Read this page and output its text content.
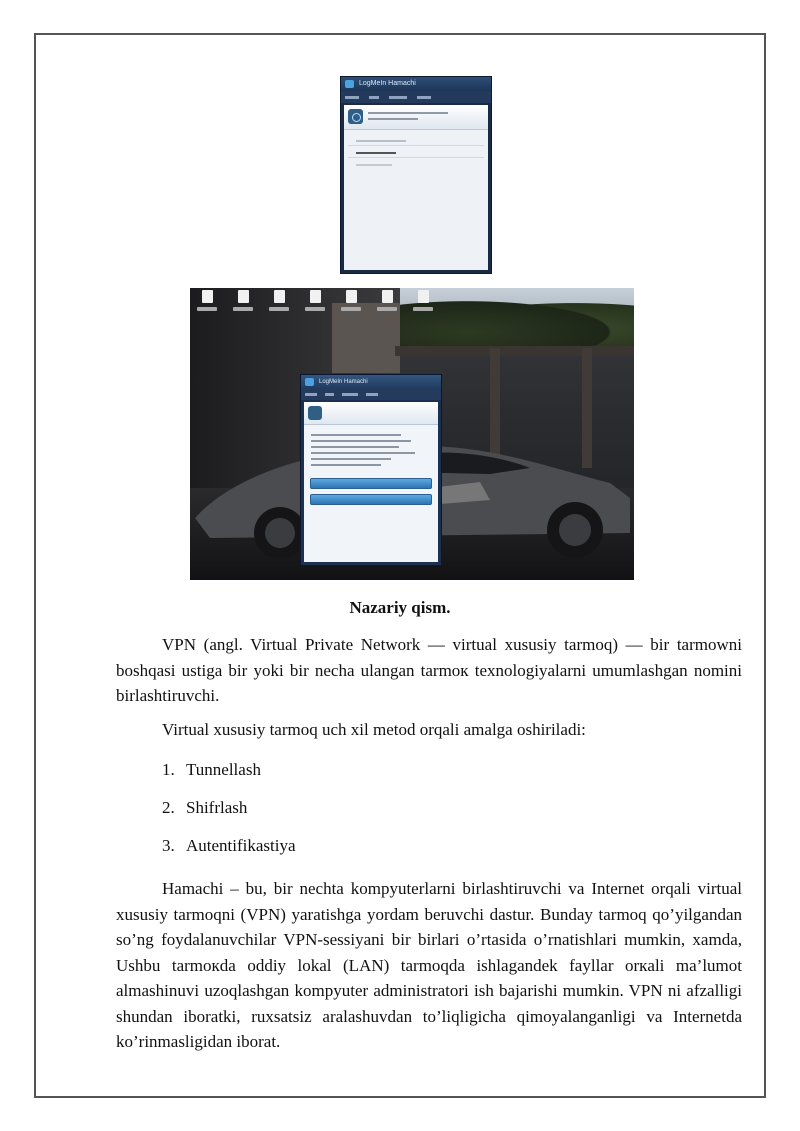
LogMeIn Hamachi
LogMeIn Hamachi
Nazariy qism.

VPN (angl. Virtual Private Network — virtual xususiy tarmoq) — bir tarmowni boshqasi ustiga bir yoki bir necha ulangan tarmoк texnologiyalarni umumlashgan nomini birlashtiruvchi.

Virtual xususiy tarmoq uch xil metod orqali amalga oshiriladi:

1. Tunnellash

2. Shifrlash

3. Autentifikastiya

Hamachi – bu, bir nechta kompyuterlarni birlashtiruvchi va Internet orqali virtual xususiy tarmoqni (VPN) yaratishga yordam beruvchi dastur. Bunday tarmoq qo’yilgandan so’ng foydalanuvchilar VPN-sessiyani bir birlari o’rtasida o’rnatishlari mumkin, xamda, Ushbu tarmoкda oddiy lokal (LAN) tarmoqda ishlagandek fayllar orкali ma’lumot almashinuvi uzoqlashgan kompyuter administratori ish bajarishi mumkin. VPN ni afzalligi shundan iboratki, ruxsatsiz aralashuvdan to’liqligicha qimoyalanganligi va Internetda ko’rinmasligidan iborat.
